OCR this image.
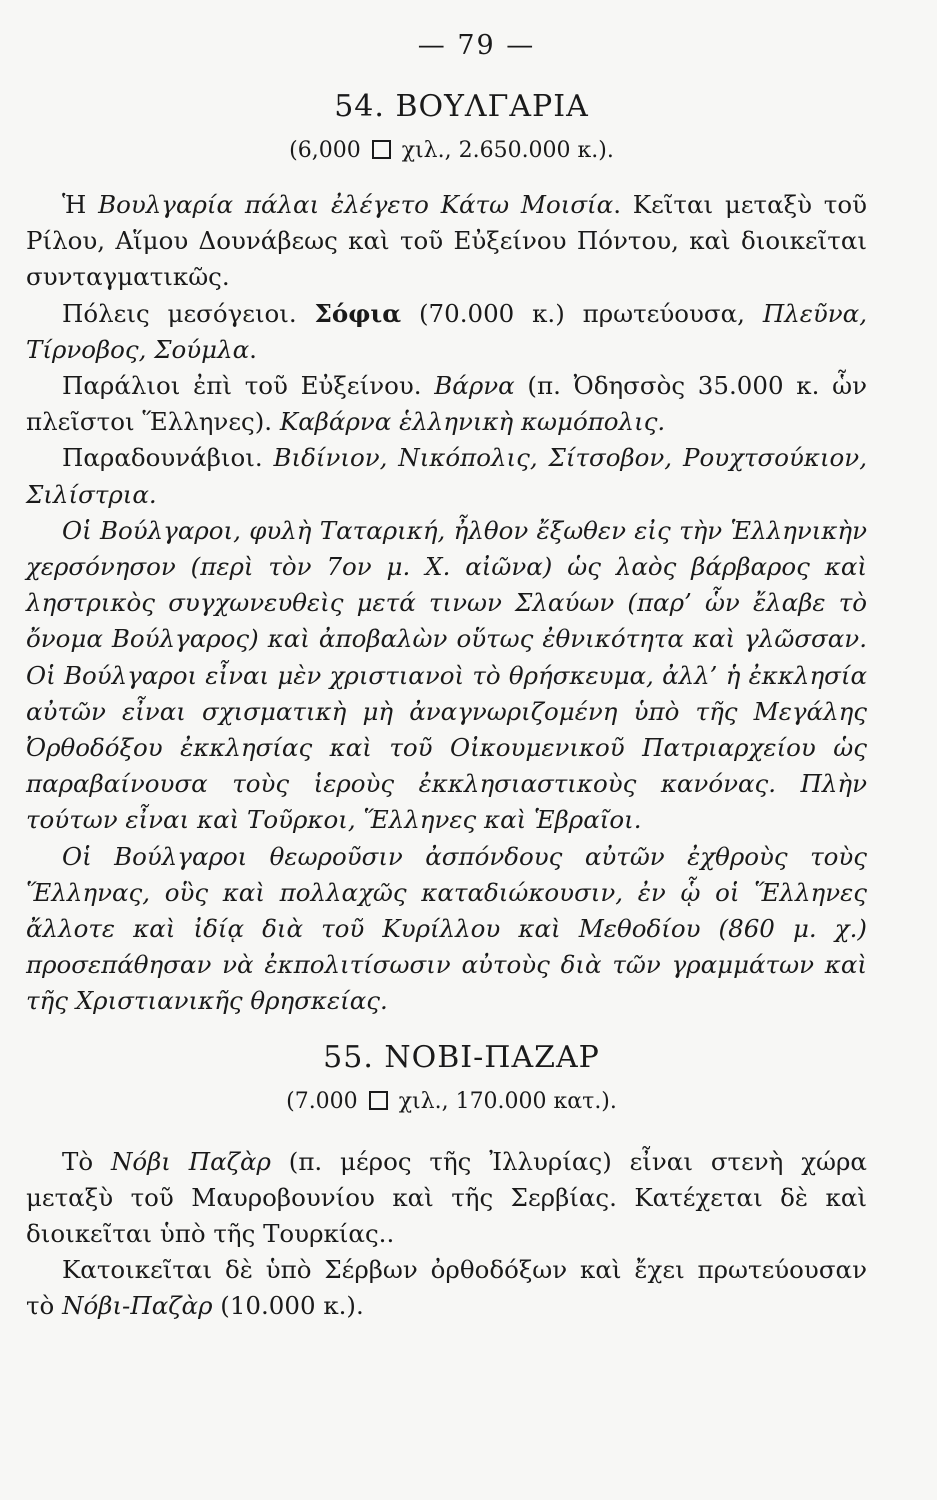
— 79 —
54. ΒΟΥΛΓΑΡΙΑ
(6,000 χιλ., 2.650.000 κ.).

Ἡ Βουλγαρία πάλαι ἐλέγετο Κάτω Μοισία. Κεῖται μεταξὺ τοῦ Ρίλου, Αἵμου Δουνάβεως καὶ τοῦ Εὐξείνου Πόντου, καὶ διοικεῖται συνταγματικῶς.

Πόλεις μεσόγειοι. Σόφια (70.000 κ.) πρωτεύουσα, Πλεῦνα, Τίρνοβος, Σούμλα.

Παράλιοι ἐπὶ τοῦ Εὐξείνου. Βάρνα (π. Ὀδησσὸς 35.000 κ. ὧν πλεῖστοι Ἕλληνες). Καβάρνα ἑλληνικὴ κωμόπολις.

Παραδουνάβιοι. Βιδίνιον, Νικόπολις, Σίτσοβον, Ρουχτσούκιον, Σιλίστρια.

Οἱ Βούλγαροι, φυλὴ Ταταρική, ἦλθον ἔξωθεν εἰς τὴν Ἑλληνικὴν χερσόνησον (περὶ τὸν 7ον μ. Χ. αἰῶνα) ὡς λαὸς βάρβαρος καὶ ληστρικὸς συγχωνευθεὶς μετά τινων Σλαύων (παρ’ ὧν ἔλαβε τὸ ὄνομα Βούλγαρος) καὶ ἀποβαλὼν οὕτως ἐθνικότητα καὶ γλῶσσαν. Οἱ Βούλγαροι εἶναι μὲν χριστιανοὶ τὸ θρήσκευμα, ἀλλ’ ἡ ἐκκλησία αὐτῶν εἶναι σχισματικὴ μὴ ἀναγνωριζομένη ὑπὸ τῆς Μεγάλης Ὀρθοδόξου ἐκκλησίας καὶ τοῦ Οἰκουμενικοῦ Πατριαρχείου ὡς παραβαίνουσα τοὺς ἱεροὺς ἐκκλησιαστικοὺς κανόνας. Πλὴν τούτων εἶναι καὶ Τοῦρκοι, Ἕλληνες καὶ Ἑβραῖοι.

Οἱ Βούλγαροι θεωροῦσιν ἀσπόνδους αὐτῶν ἐχθροὺς τοὺς Ἕλληνας, οὓς καὶ πολλαχῶς καταδιώκουσιν, ἐν ᾧ οἱ Ἕλληνες ἄλλοτε καὶ ἰδίᾳ διὰ τοῦ Κυρίλλου καὶ Μεθοδίου (860 μ. χ.) προσεπάθησαν νὰ ἐκπολιτίσωσιν αὐτοὺς διὰ τῶν γραμμάτων καὶ τῆς Χριστιανικῆς θρησκείας.

55. ΝΟΒΙ-ΠΑΖΑΡ
(7.000 χιλ., 170.000 κατ.).

Τὸ Νόβι Παζὰρ (π. μέρος τῆς Ἰλλυρίας) εἶναι στενὴ χώρα μεταξὺ τοῦ Μαυροβουνίου καὶ τῆς Σερβίας. Κατέχεται δὲ καὶ διοικεῖται ὑπὸ τῆς Τουρκίας..

Κατοικεῖται δὲ ὑπὸ Σέρβων ὀρθοδόξων καὶ ἔχει πρωτεύουσαν τὸ Νόβι-Παζὰρ (10.000 κ.).
